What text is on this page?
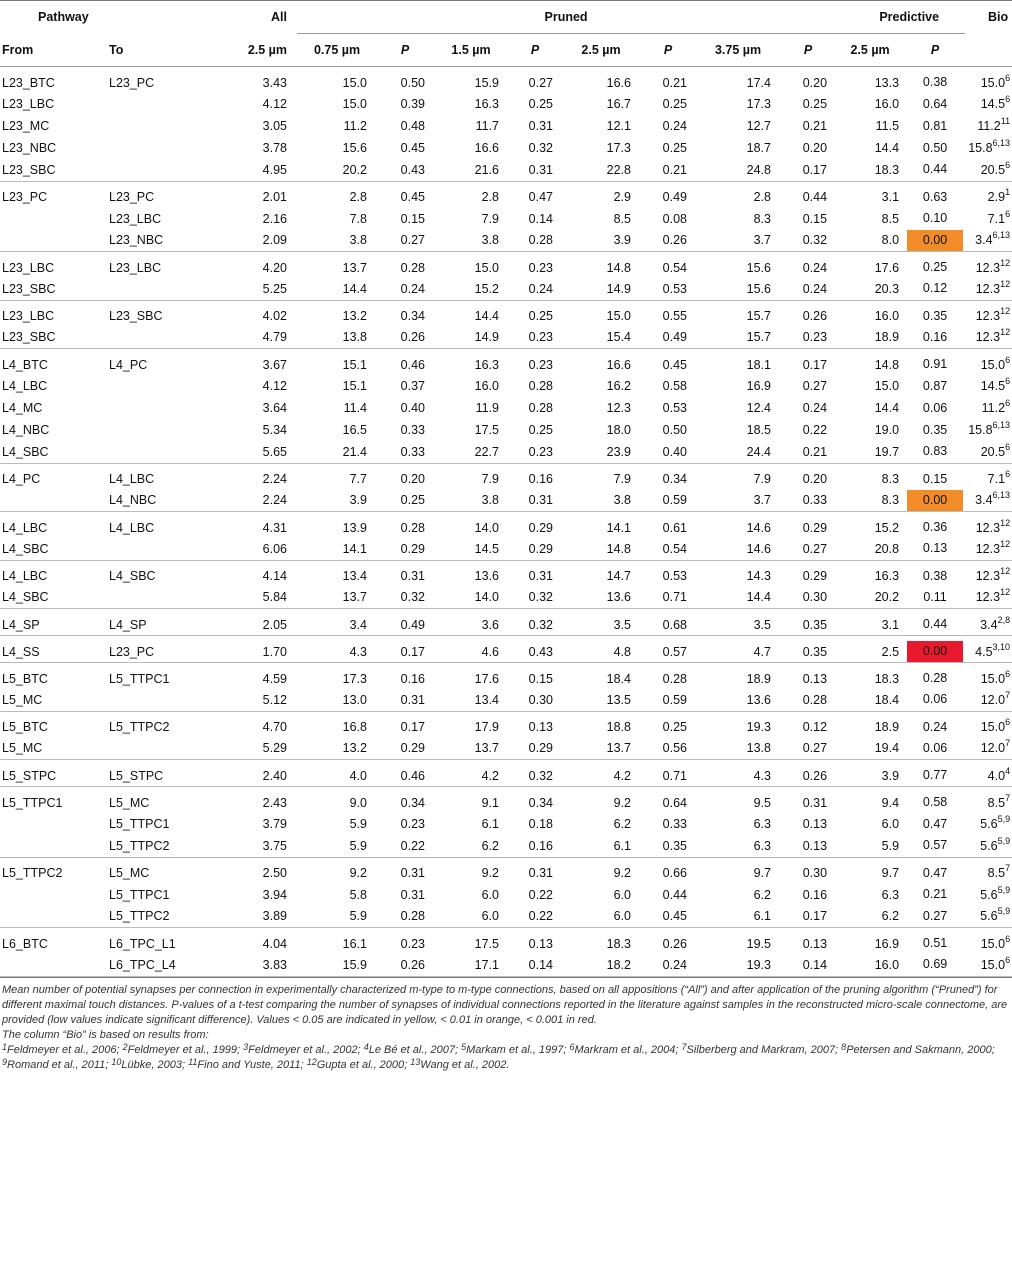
Pathway		All	Pruned								Predictive		Bio
From	To	2.5 µm	0.75 µm	P	1.5 µm	P	2.5 µm	P	3.75 µm	P	2.5 µm	P	
L23_BTC	L23_PC	3.43	15.0	0.50	15.9	0.27	16.6	0.21	17.4	0.20	13.3	0.38	15.0$^6$
L23_LBC		4.12	15.0	0.39	16.3	0.25	16.7	0.25	17.3	0.25	16.0	0.64	14.5$^6$
L23_MC		3.05	11.2	0.48	11.7	0.31	12.1	0.24	12.7	0.21	11.5	0.81	11.2$^{11}$
L23_NBC		3.78	15.6	0.45	16.6	0.32	17.3	0.25	18.7	0.20	14.4	0.50	15.8$^{6,13}$
L23_SBC		4.95	20.2	0.43	21.6	0.31	22.8	0.21	24.8	0.17	18.3	0.44	20.5$^6$
L23_PC	L23_PC	2.01	2.8	0.45	2.8	0.47	2.9	0.49	2.8	0.44	3.1	0.63	$2.9^1$
	L23_LBC	2.16	7.8	0.15	7.9	0.14	8.5	0.08	8.3	0.15	8.5	0.10	$7.1^6$
	L23_NBC	2.09	3.8	0.27	3.8	0.28	3.9	0.26	3.7	0.32	8.0	0.00	3.4$^{6,13}$
L23_LBC	L23_LBC	4.20	13.7	0.28	15.0	0.23	14.8	0.54	15.6	0.24	17.6	0.25	12.3$^{12}$
L23_SBC		5.25	14.4	0.24	15.2	0.24	14.9	0.53	15.6	0.24	20.3	0.12	12.3$^{12}$
L23_LBC	L23_SBC	4.02	13.2	0.34	14.4	0.25	15.0	0.55	15.7	0.26	16.0	0.35	12.3$^{12}$
L23_SBC		4.79	13.8	0.26	14.9	0.23	15.4	0.49	15.7	0.23	18.9	0.16	12.3$^{12}$
L4_BTC	L4_PC	3.67	15.1	0.46	16.3	0.23	16.6	0.45	18.1	0.17	14.8	0.91	15.0$^6$
L4_LBC		4.12	15.1	0.37	16.0	0.28	16.2	0.58	16.9	0.27	15.0	0.87	14.5$^6$
L4_MC		3.64	11.4	0.40	11.9	0.28	12.3	0.53	12.4	0.24	14.4	0.06	11.2$^6$
L4_NBC		5.34	16.5	0.33	17.5	0.25	18.0	0.50	18.5	0.22	19.0	0.35	15.8$^{6,13}$
L4_SBC		5.65	21.4	0.33	22.7	0.23	23.9	0.40	24.4	0.21	19.7	0.83	20.5$^6$
L4_PC	L4_LBC	2.24	7.7	0.20	7.9	0.16	7.9	0.34	7.9	0.20	8.3	0.15	$7.1^6$
	L4_NBC	2.24	3.9	0.25	3.8	0.31	3.8	0.59	3.7	0.33	8.3	0.00	3.4$^{6,13}$
L4_LBC	L4_LBC	4.31	13.9	0.28	14.0	0.29	14.1	0.61	14.6	0.29	15.2	0.36	12.3$^{12}$
L4_SBC		6.06	14.1	0.29	14.5	0.29	14.8	0.54	14.6	0.27	20.8	0.13	12.3$^{12}$
L4_LBC	L4_SBC	4.14	13.4	0.31	13.6	0.31	14.7	0.53	14.3	0.29	16.3	0.38	12.3$^{12}$
L4_SBC		5.84	13.7	0.32	14.0	0.32	13.6	0.71	14.4	0.30	20.2	0.11	12.3$^{12}$
L4_SP	L4_SP	2.05	3.4	0.49	3.6	0.32	3.5	0.68	3.5	0.35	3.1	0.44	3.4$^{2,8}$
L4_SS	L23_PC	1.70	4.3	0.17	4.6	0.43	4.8	0.57	4.7	0.35	2.5	0.00	4.5$^{3,10}$
L5_BTC	L5_TTPC1	4.59	17.3	0.16	17.6	0.15	18.4	0.28	18.9	0.13	18.3	0.28	15.0$^6$
L5_MC		5.12	13.0	0.31	13.4	0.30	13.5	0.59	13.6	0.28	18.4	0.06	12.0$^7$
L5_BTC	L5_TTPC2	4.70	16.8	0.17	17.9	0.13	18.8	0.25	19.3	0.12	18.9	0.24	15.0$^6$
L5_MC		5.29	13.2	0.29	13.7	0.29	13.7	0.56	13.8	0.27	19.4	0.06	12.0$^7$
L5_STPC	L5_STPC	2.40	4.0	0.46	4.2	0.32	4.2	0.71	4.3	0.26	3.9	0.77	$4.0^4$
L5_TTPC1	L5_MC	2.43	9.0	0.34	9.1	0.34	9.2	0.64	9.5	0.31	9.4	0.58	$8.5^7$
	L5_TTPC1	3.79	5.9	0.23	6.1	0.18	6.2	0.33	6.3	0.13	6.0	0.47	5.6$^{5,9}$
	L5_TTPC2	3.75	5.9	0.22	6.2	0.16	6.1	0.35	6.3	0.13	5.9	0.57	5.6$^{5,9}$
L5_TTPC2	L5_MC	2.50	9.2	0.31	9.2	0.31	9.2	0.66	9.7	0.30	9.7	0.47	$8.5^7$
	L5_TTPC1	3.94	5.8	0.31	6.0	0.22	6.0	0.44	6.2	0.16	6.3	0.21	5.6$^{5,9}$
	L5_TTPC2	3.89	5.9	0.28	6.0	0.22	6.0	0.45	6.1	0.17	6.2	0.27	5.6$^{5,9}$
L6_BTC	L6_TPC_L1	4.04	16.1	0.23	17.5	0.13	18.3	0.26	19.5	0.13	16.9	0.51	15.0$^6$
	L6_TPC_L4	3.83	15.9	0.26	17.1	0.14	18.2	0.24	19.3	0.14	16.0	0.69	15.0$^6$

Mean number of potential synapses per connection in experimentally characterized m-type to m-type connections, based on all appositions (“All”) and after application of the pruning algorithm (“Pruned”) for different maximal touch distances. P-values of a t-test comparing the number of synapses of individual connections reported in the literature against samples in the reconstructed micro-scale connectome, are provided (low values indicate significant difference). Values < 0.05 are indicated in yellow, < 0.01 in orange, < 0.001 in red.

The column “Bio” is based on results from:

$^1$Feldmeyer et al., 2006; $^2$Feldmeyer et al., 1999; $^3$Feldmeyer et al., 2002; $^4$Le Bé et al., 2007; $^5$Markam et al., 1997; $^6$Markram et al., 2004; $^7$Silberberg and Markram, 2007; $^8$Petersen and Sakmann, 2000; $^9$Romand et al., 2011; $^{10}$Lübke, 2003; $^{11}$Fino and Yuste, 2011; $^{12}$Gupta et al., 2000; $^{13}$Wang et al., 2002.
